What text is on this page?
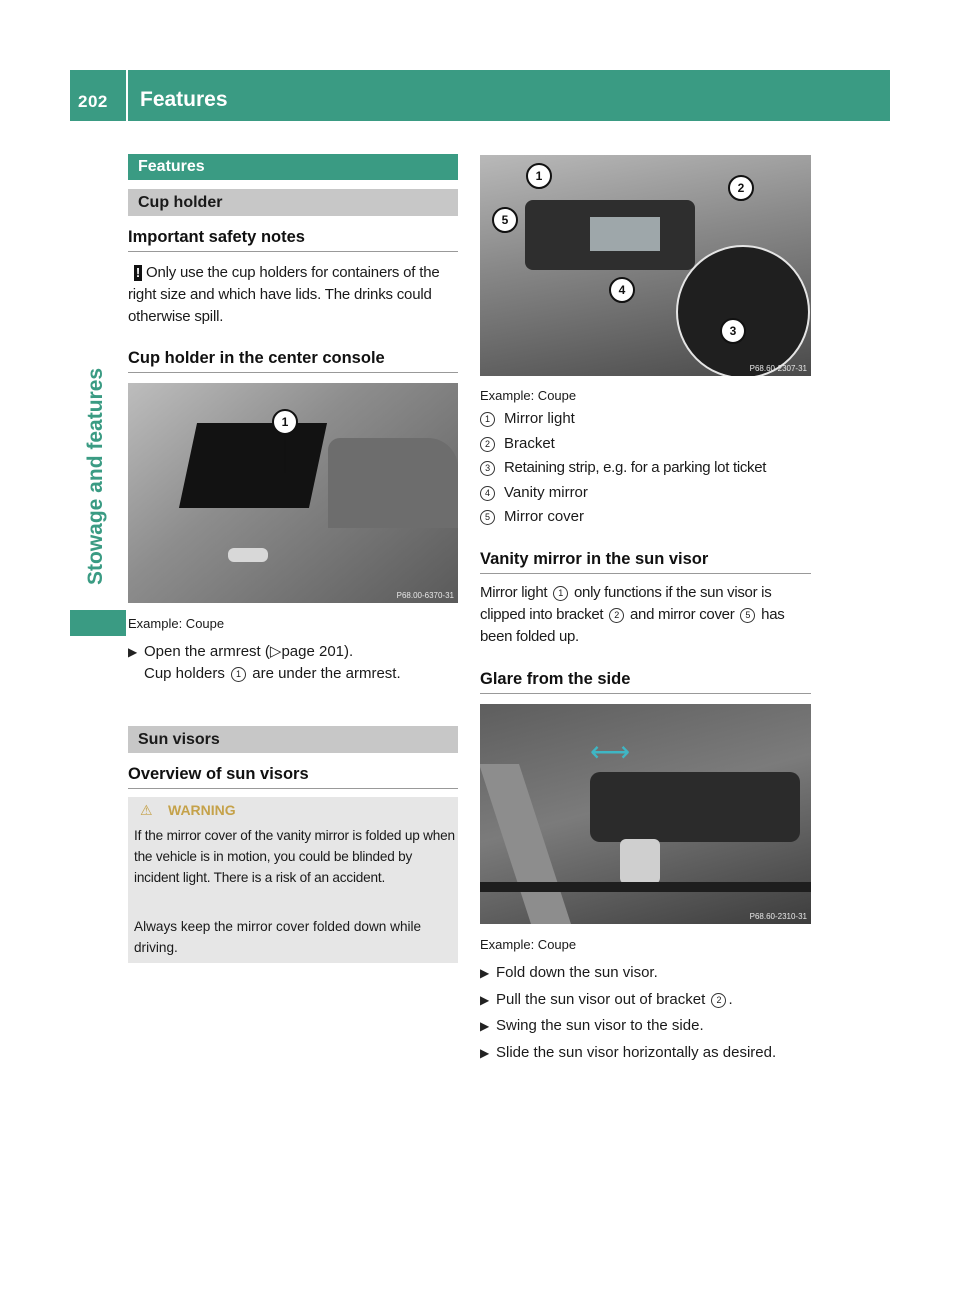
202 Features
Stowage and features
Features
Cup holder
Important safety notes
! Only use the cup holders for containers of the right size and which have lids. The drinks could otherwise spill.
Cup holder in the center console
1
P68.00-6370-31
Example: Coupe
▶ Open the armrest (▷page 201).
Cup holders 1 are under the armrest.
Sun visors
Overview of sun visors
⚠ WARNING
If the mirror cover of the vanity mirror is folded up when the vehicle is in motion, you could be blinded by incident light. There is a risk of an accident.
Always keep the mirror cover folded down while driving.
1
2
3
4
5
P68.60-2307-31
Example: Coupe
1 Mirror light
2 Bracket
3 Retaining strip, e.g. for a parking lot ticket
4 Vanity mirror
5 Mirror cover
Vanity mirror in the sun visor
Mirror light 1 only functions if the sun visor is clipped into bracket 2 and mirror cover 5 has been folded up.
Glare from the side
⟷
P68.60-2310-31
Example: Coupe
▶ Fold down the sun visor.
▶ Pull the sun visor out of bracket 2 .
▶ Swing the sun visor to the side.
▶ Slide the sun visor horizontally as desired.
